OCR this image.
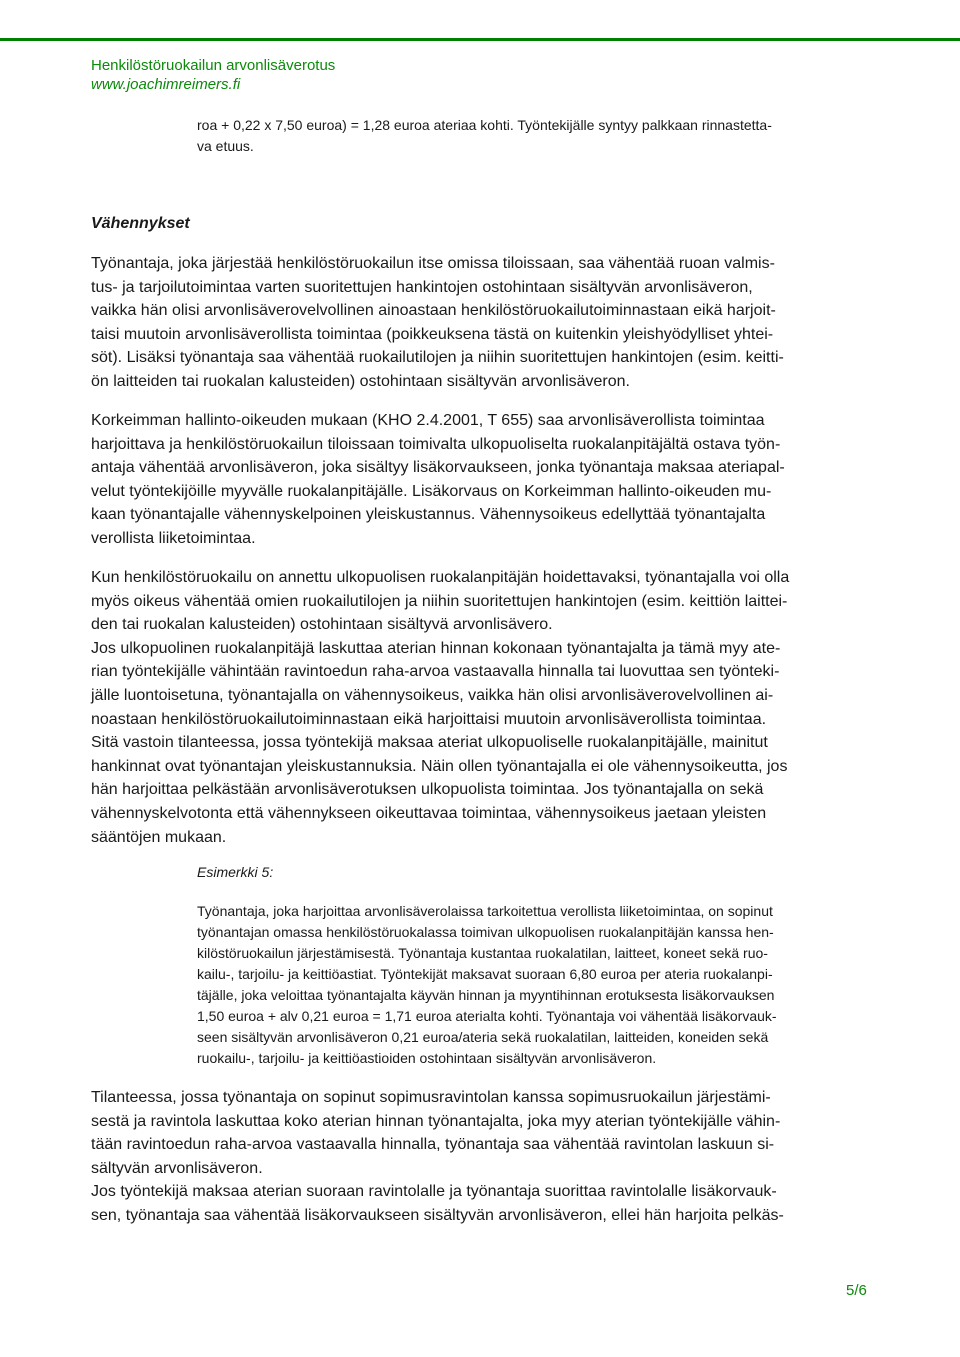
Henkilöstöruokailun arvonlisäverotus
www.joachimreimers.fi

roa + 0,22 x 7,50 euroa) = 1,28 euroa ateriaa kohti. Työntekijälle syntyy palkkaan rinnastetta-
va etuus.

Vähennykset

Työnantaja, joka järjestää henkilöstöruokailun itse omissa tiloissaan, saa vähentää ruoan valmis-
tus- ja tarjoilutoimintaa varten suoritettujen hankintojen ostohintaan sisältyvän arvonlisäveron,
vaikka hän olisi arvonlisäverovelvollinen ainoastaan henkilöstöruokailutoiminnastaan eikä harjoit-
taisi muutoin arvonlisäverollista toimintaa (poikkeuksena tästä on kuitenkin yleishyödylliset yhtei-
söt). Lisäksi työnantaja saa vähentää ruokailutilojen ja niihin suoritettujen hankintojen (esim. keitti-
ön laitteiden tai ruokalan kalusteiden) ostohintaan sisältyvän arvonlisäveron.

Korkeimman hallinto-oikeuden mukaan (KHO 2.4.2001, T 655) saa arvonlisäverollista toimintaa
harjoittava ja henkilöstöruokailun tiloissaan toimivalta ulkopuoliselta ruokalanpitäjältä ostava työn-
antaja vähentää arvonlisäveron, joka sisältyy lisäkorvaukseen, jonka työnantaja maksaa ateriapal-
velut työntekijöille myyvälle ruokalanpitäjälle. Lisäkorvaus on Korkeimman hallinto-oikeuden mu-
kaan työnantajalle vähennyskelpoinen yleiskustannus. Vähennysoikeus edellyttää työnantajalta
verollista liiketoimintaa.

Kun henkilöstöruokailu on annettu ulkopuolisen ruokalanpitäjän hoidettavaksi, työnantajalla voi olla
myös oikeus vähentää omien ruokailutilojen ja niihin suoritettujen hankintojen (esim. keittiön laittei-
den tai ruokalan kalusteiden) ostohintaan sisältyvä arvonlisävero.
Jos ulkopuolinen ruokalanpitäjä laskuttaa aterian hinnan kokonaan työnantajalta ja tämä myy ate-
rian työntekijälle vähintään ravintoedun raha-arvoa vastaavalla hinnalla tai luovuttaa sen työnteki-
jälle luontoisetuna, työnantajalla on vähennysoikeus, vaikka hän olisi arvonlisäverovelvollinen ai-
noastaan henkilöstöruokailutoiminnastaan eikä harjoittaisi muutoin arvonlisäverollista toimintaa.
Sitä vastoin tilanteessa, jossa työntekijä maksaa ateriat ulkopuoliselle ruokalanpitäjälle, mainitut
hankinnat ovat työnantajan yleiskustannuksia. Näin ollen työnantajalla ei ole vähennysoikeutta, jos
hän harjoittaa pelkästään arvonlisäverotuksen ulkopuolista toimintaa. Jos työnantajalla on sekä
vähennyskelvotonta että vähennykseen oikeuttavaa toimintaa, vähennysoikeus jaetaan yleisten
sääntöjen mukaan.

Esimerkki 5:

Työnantaja, joka harjoittaa arvonlisäverolaissa tarkoitettua verollista liiketoimintaa, on sopinut
työnantajan omassa henkilöstöruokalassa toimivan ulkopuolisen ruokalanpitäjän kanssa hen-
kilöstöruokailun järjestämisestä. Työnantaja kustantaa ruokalatilan, laitteet, koneet sekä ruo-
kailu-, tarjoilu- ja keittiöastiat. Työntekijät maksavat suoraan 6,80 euroa per ateria ruokalanpi-
täjälle, joka veloittaa työnantajalta käyvän hinnan ja myyntihinnan erotuksesta lisäkorvauksen
1,50 euroa + alv 0,21 euroa = 1,71 euroa aterialta kohti. Työnantaja voi vähentää lisäkorvauk-
seen sisältyvän arvonlisäveron 0,21 euroa/ateria sekä ruokalatilan, laitteiden, koneiden sekä
ruokailu-, tarjoilu- ja keittiöastioiden ostohintaan sisältyvän arvonlisäveron.

Tilanteessa, jossa työnantaja on sopinut sopimusravintolan kanssa sopimusruokailun järjestämi-
sestä ja ravintola laskuttaa koko aterian hinnan työnantajalta, joka myy aterian työntekijälle vähin-
tään ravintoedun raha-arvoa vastaavalla hinnalla, työnantaja saa vähentää ravintolan laskuun si-
sältyvän arvonlisäveron.
Jos työntekijä maksaa aterian suoraan ravintolalle ja työnantaja suorittaa ravintolalle lisäkorvauk-
sen, työnantaja saa vähentää lisäkorvaukseen sisältyvän arvonlisäveron, ellei hän harjoita pelkäs-

5/6
